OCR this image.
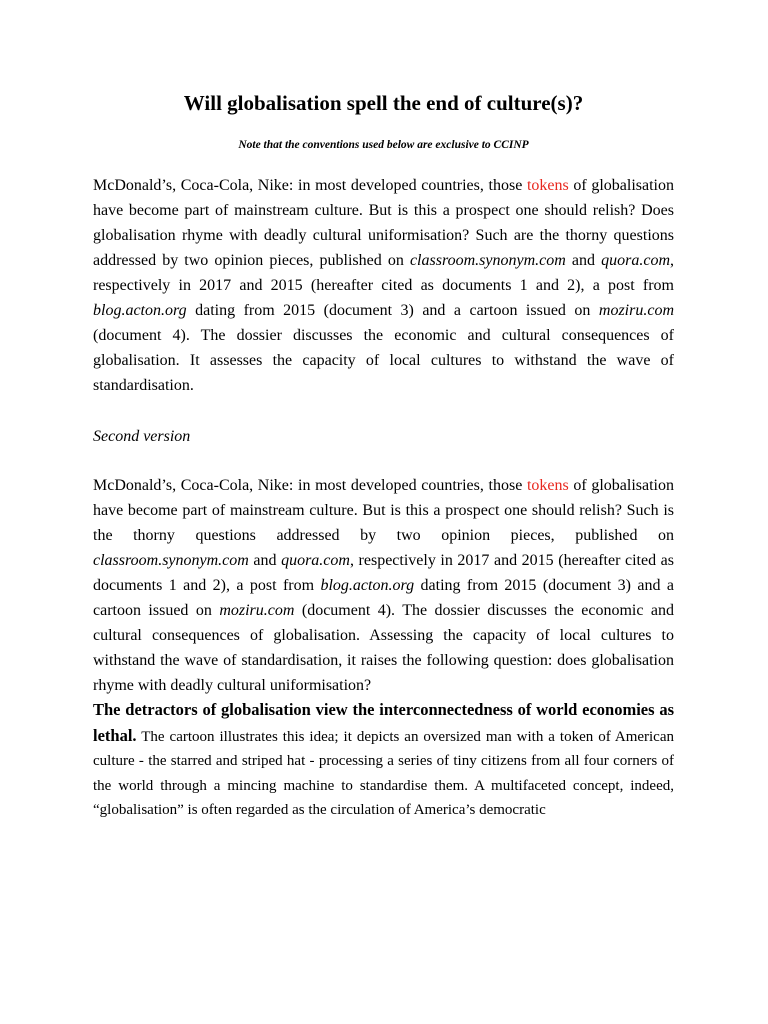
Will globalisation spell the end of culture(s)?

Note that the conventions used below are exclusive to CCINP

McDonald’s, Coca-Cola, Nike: in most developed countries, those tokens of globalisation have become part of mainstream culture. But is this a prospect one should relish? Does globalisation rhyme with deadly cultural uniformisation? Such are the thorny questions addressed by two opinion pieces, published on classroom.synonym.com and quora.com, respectively in 2017 and 2015 (hereafter cited as documents 1 and 2), a post from blog.acton.org dating from 2015 (document 3) and a cartoon issued on moziru.com (document 4). The dossier discusses the economic and cultural consequences of globalisation. It assesses the capacity of local cultures to withstand the wave of standardisation.

Second version

McDonald’s, Coca-Cola, Nike: in most developed countries, those tokens of globalisation have become part of mainstream culture. But is this a prospect one should relish? Such is the thorny questions addressed by two opinion pieces, published on classroom.synonym.com and quora.com, respectively in 2017 and 2015 (hereafter cited as documents 1 and 2), a post from blog.acton.org dating from 2015 (document 3) and a cartoon issued on moziru.com (document 4). The dossier discusses the economic and cultural consequences of globalisation. Assessing the capacity of local cultures to withstand the wave of standardisation, it raises the following question: does globalisation rhyme with deadly cultural uniformisation?

The detractors of globalisation view the interconnectedness of world economies as lethal. The cartoon illustrates this idea; it depicts an oversized man with a token of American culture - the starred and striped hat - processing a series of tiny citizens from all four corners of the world through a mincing machine to standardise them. A multifaceted concept, indeed, “globalisation” is often regarded as the circulation of America’s democratic
